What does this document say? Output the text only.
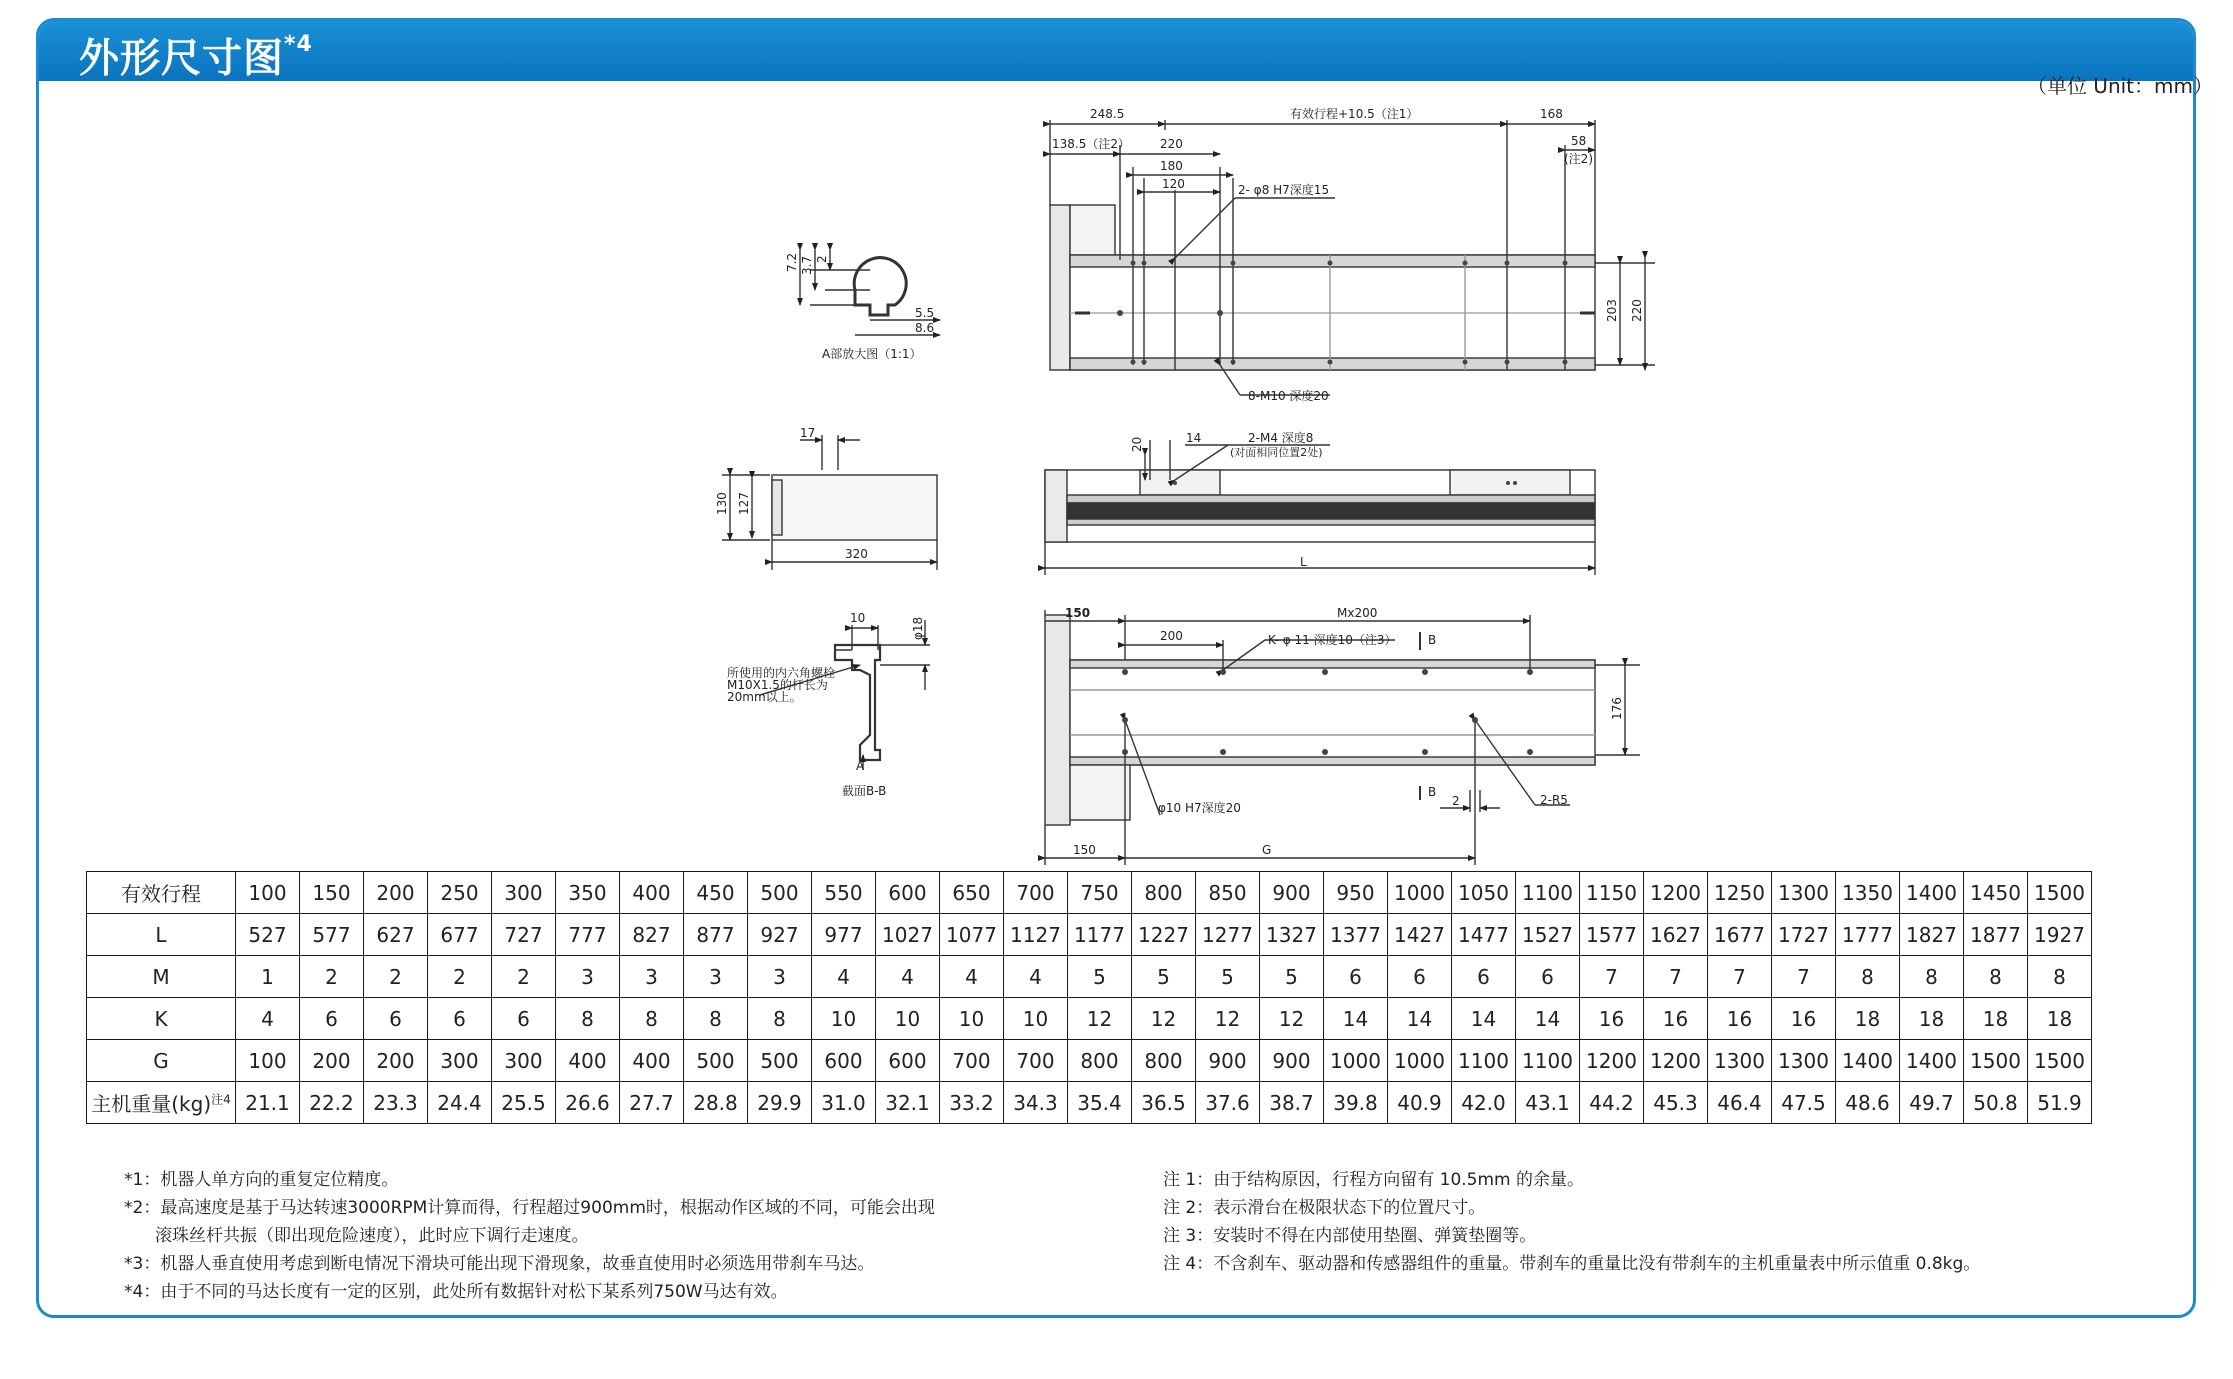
外形尺寸图$^{*4}$
（单位 Unit：mm）
248.5	有效行程+10.5（注1）	168
138.5（注2）	220
180
120
58
(注2)
2- φ8 H7深度15
203 220
8-M10 深度20
7.2 3.7 2
5.5
8.6
A部放大图（1:1）
17
130 127
320
20	14	2-M4 深度8
(对面相同位置2处)
L
10	φ18
所使用的内六角螺栓
M10X1.5的杆长为
20mm以上。
A
截面B-B
150	Mx200
200	K- φ 11 深度10（注3）	B
B
176
2	2-R5
φ10 H7深度20
150	G
有效行程	100	150	200	250	300	350	400	450	500	550	600	650	700	750	800	850	900	950	1000	1050	1100	1150	1200	1250	1300	1350	1400	1450	1500
L	527	577	627	677	727	777	827	877	927	977	1027	1077	1127	1177	1227	1277	1327	1377	1427	1477	1527	1577	1627	1677	1727	1777	1827	1877	1927
M	1	2	2	2	2	3	3	3	3	4	4	4	4	5	5	5	5	6	6	6	6	7	7	7	7	8	8	8	8
K	4	6	6	6	6	8	8	8	8	10	10	10	10	12	12	12	12	14	14	14	14	16	16	16	16	18	18	18	18
G	100	200	200	300	300	400	400	500	500	600	600	700	700	800	800	900	900	1000	1000	1100	1100	1200	1200	1300	1300	1400	1400	1500	1500
主机重量(kg)$^{注4}$	21.1	22.2	23.3	24.4	25.5	26.6	27.7	28.8	29.9	31.0	32.1	33.2	34.3	35.4	36.5	37.6	38.7	39.8	40.9	42.0	43.1	44.2	45.3	46.4	47.5	48.6	49.7	50.8	51.9
*1：机器人单方向的重复定位精度。
*2：最高速度是基于马达转速3000RPM计算而得，行程超过900mm时，根据动作区域的不同，可能会出现
滚珠丝杆共振（即出现危险速度），此时应下调行走速度。
*3：机器人垂直使用考虑到断电情况下滑块可能出现下滑现象，故垂直使用时必须选用带刹车马达。
*4：由于不同的马达长度有一定的区别，此处所有数据针对松下某系列750W马达有效。
注 1：由于结构原因，行程方向留有 10.5mm 的余量。
注 2：表示滑台在极限状态下的位置尺寸。
注 3：安装时不得在内部使用垫圈、弹簧垫圈等。
注 4：不含刹车、驱动器和传感器组件的重量。带刹车的重量比没有带刹车的主机重量表中所示值重 0.8kg。
